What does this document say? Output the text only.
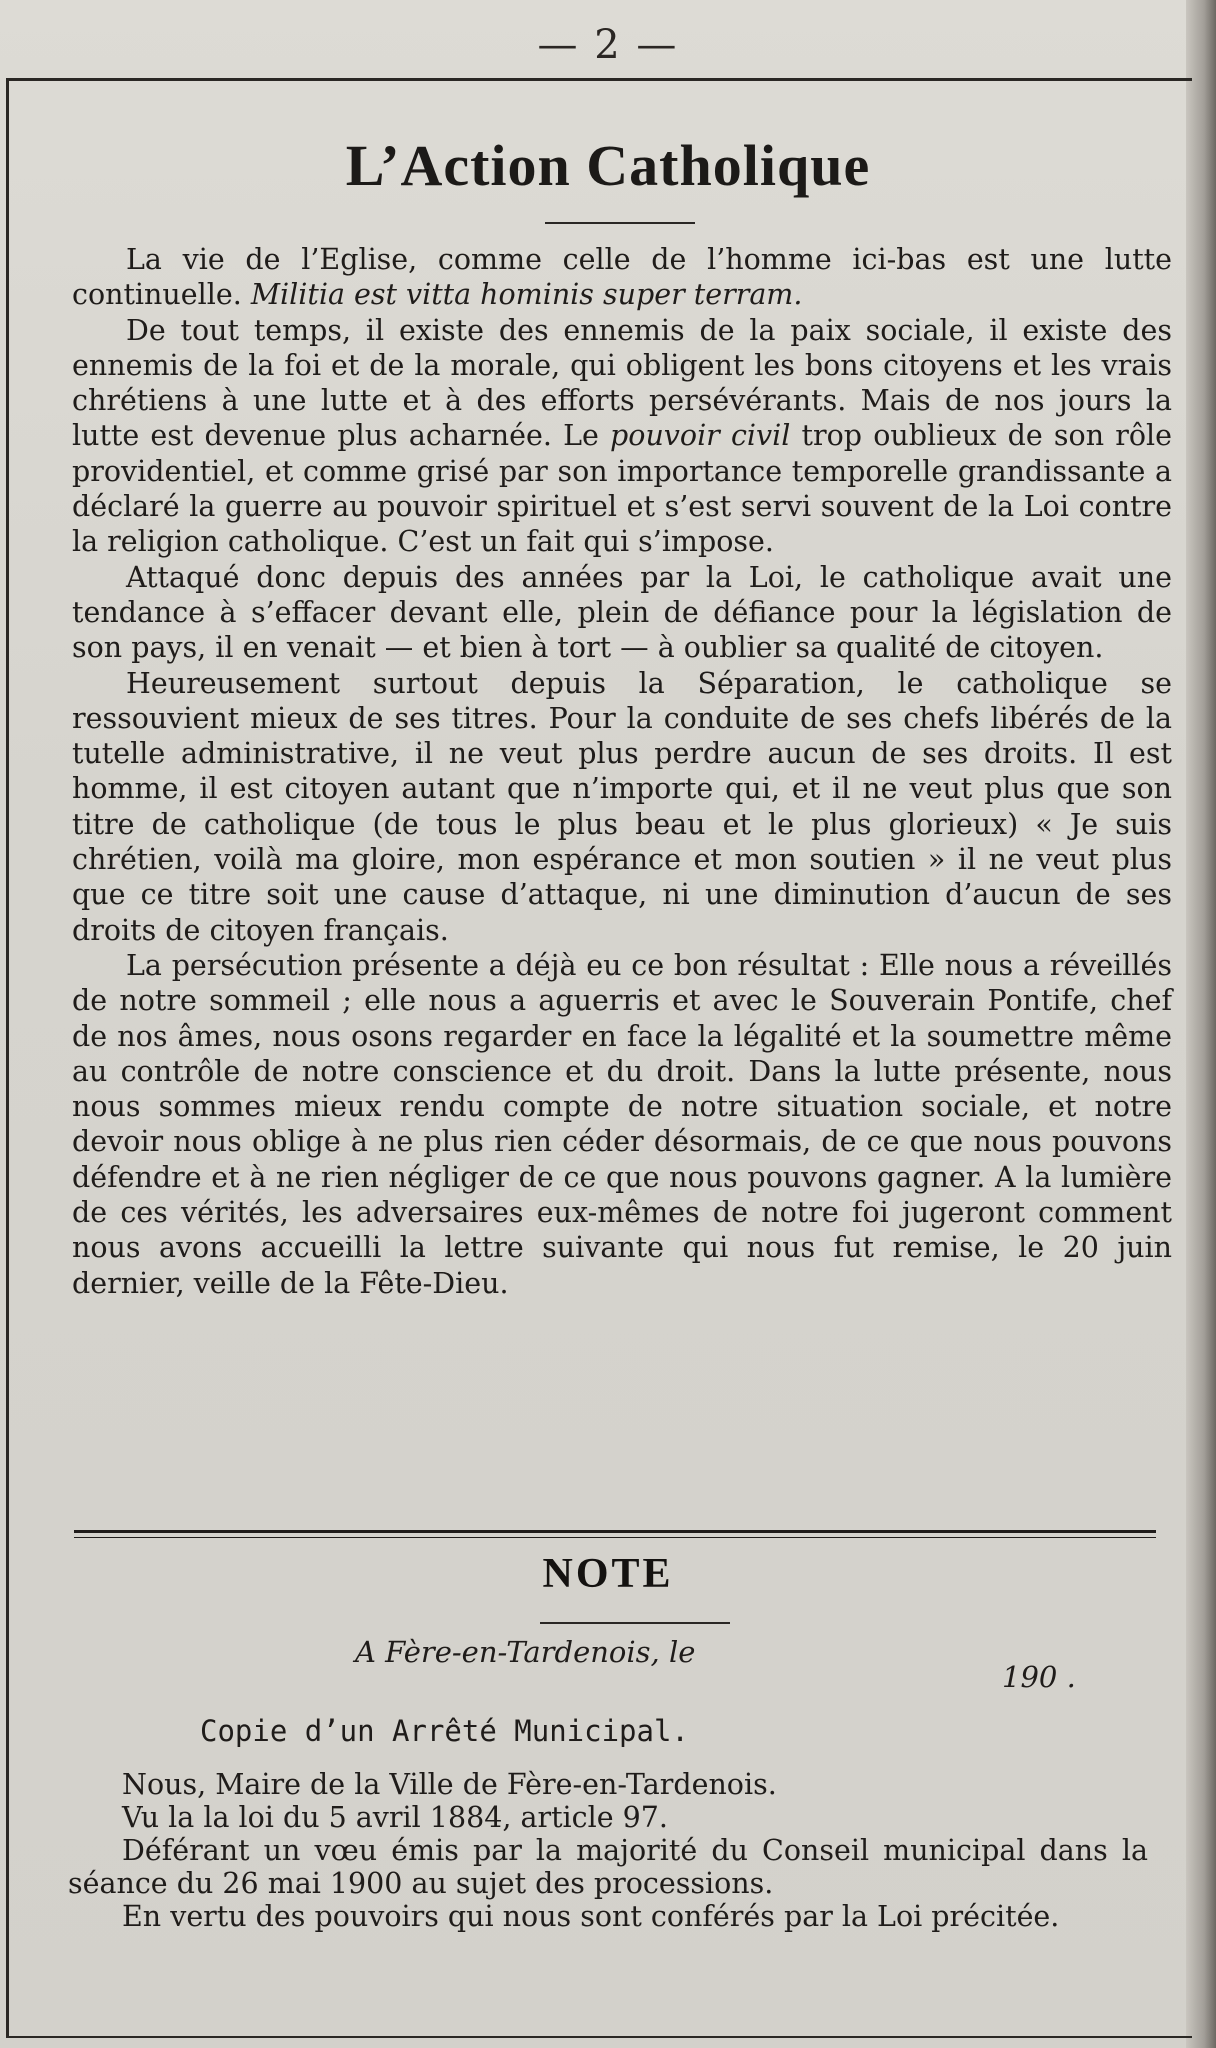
— 2 —
L’Action Catholique

La vie de l’Eglise, comme celle de l’homme ici-bas est une lutte continuelle. Militia est vitta hominis super terram.

De tout temps, il existe des ennemis de la paix sociale, il existe des ennemis de la foi et de la morale, qui obligent les bons citoyens et les vrais chrétiens à une lutte et à des efforts persévérants. Mais de nos jours la lutte est devenue plus acharnée. Le pouvoir civil trop oublieux de son rôle providentiel, et comme grisé par son importance temporelle grandissante a déclaré la guerre au pouvoir spirituel et s’est servi souvent de la Loi contre la religion catholique. C’est un fait qui s’impose.

Attaqué donc depuis des années par la Loi, le catholique avait une tendance à s’effacer devant elle, plein de défiance pour la législation de son pays, il en venait — et bien à tort — à oublier sa qualité de citoyen.

Heureusement surtout depuis la Séparation, le catholique se ressouvient mieux de ses titres. Pour la conduite de ses chefs libérés de la tutelle administrative, il ne veut plus perdre aucun de ses droits. Il est homme, il est citoyen autant que n’importe qui, et il ne veut plus que son titre de catholique (de tous le plus beau et le plus glorieux) « Je suis chrétien, voilà ma gloire, mon espérance et mon soutien » il ne veut plus que ce titre soit une cause d’attaque, ni une diminution d’aucun de ses droits de citoyen français.

La persécution présente a déjà eu ce bon résultat : Elle nous a réveillés de notre sommeil ; elle nous a aguerris et avec le Souverain Pontife, chef de nos âmes, nous osons regarder en face la légalité et la soumettre même au contrôle de notre conscience et du droit. Dans la lutte présente, nous nous sommes mieux rendu compte de notre situation sociale, et notre devoir nous oblige à ne plus rien céder désormais, de ce que nous pouvons défendre et à ne rien négliger de ce que nous pouvons gagner. A la lumière de ces vérités, les adversaires eux-mêmes de notre foi jugeront comment nous avons accueilli la lettre suivante qui nous fut remise, le 20 juin dernier, veille de la Fête-Dieu.

NOTE
A Fère-en-Tardenois, le
190 .
Copie d’un Arrêté Municipal.

Nous, Maire de la Ville de Fère-en-Tardenois.

Vu la la loi du 5 avril 1884, article 97.

Déférant un vœu émis par la majorité du Conseil municipal dans la séance du 26 mai 1900 au sujet des processions.

En vertu des pouvoirs qui nous sont conférés par la Loi précitée.
